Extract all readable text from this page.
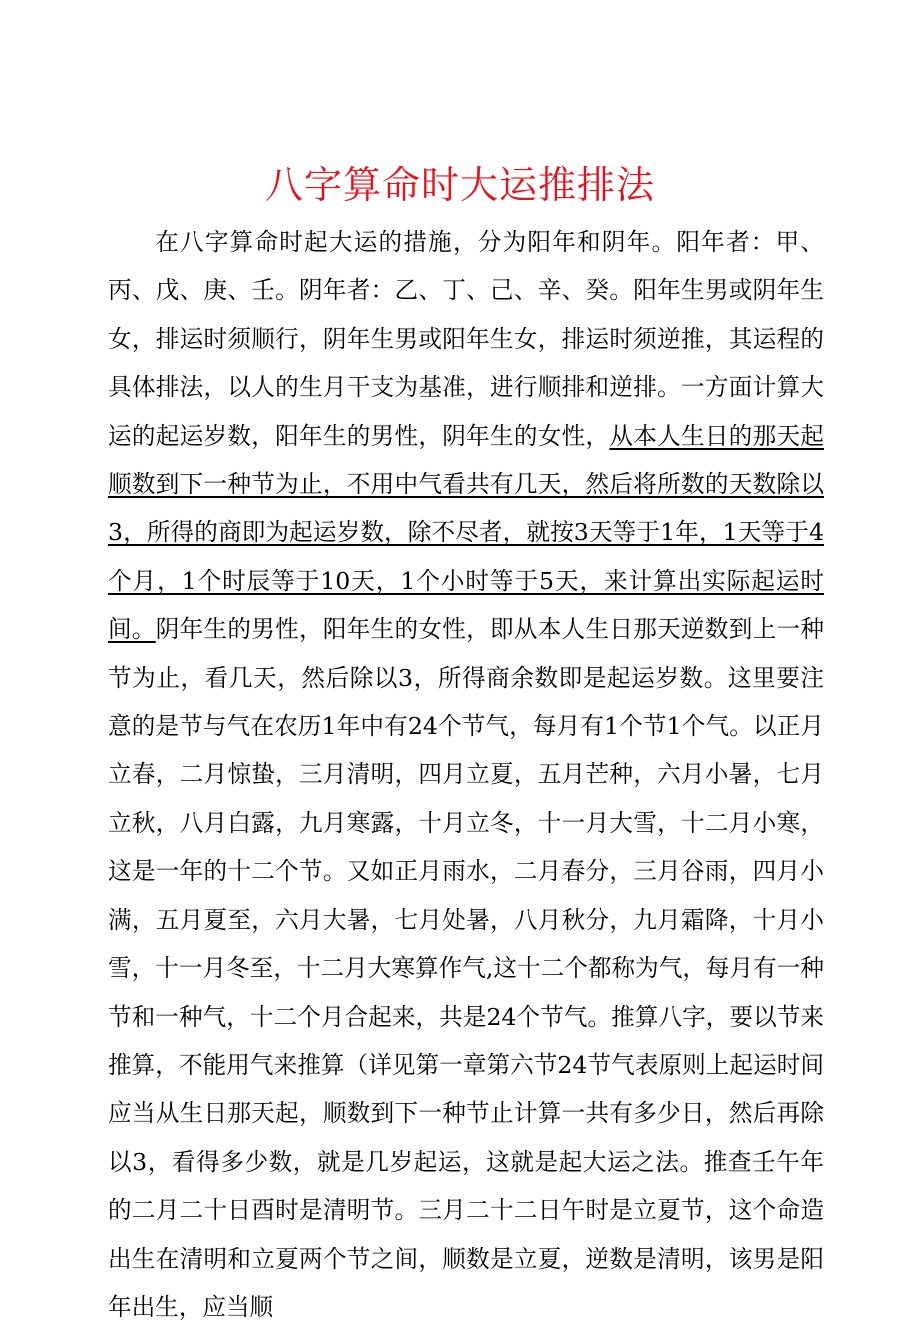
八字算命时大运推排法

在八字算命时起大运的措施，分为阳年和阴年。阳年者：甲、丙、戊、庚、壬。阴年者：乙、丁、己、辛、癸。阳年生男或阴年生女，排运时须顺行，阴年生男或阳年生女，排运时须逆推，其运程的具体排法，以人的生月干支为基准，进行顺排和逆排。一方面计算大运的起运岁数，阳年生的男性，阴年生的女性，从本人生日的那天起顺数到下一种节为止，不用中气看共有几天，然后将所数的天数除以3，所得的商即为起运岁数，除不尽者，就按3天等于1年，1天等于4个月，1个时辰等于10天，1个小时等于5天，来计算出实际起运时间。阴年生的男性，阳年生的女性，即从本人生日那天逆数到上一种节为止，看几天，然后除以3，所得商余数即是起运岁数。这里要注意的是节与气在农历1年中有24个节气，每月有1个节1个气。以正月立春，二月惊蛰，三月清明，四月立夏，五月芒种，六月小暑，七月立秋，八月白露，九月寒露，十月立冬，十一月大雪，十二月小寒，这是一年的十二个节。又如正月雨水，二月春分，三月谷雨，四月小满，五月夏至，六月大暑，七月处暑，八月秋分，九月霜降，十月小雪，十一月冬至，十二月大寒算作气,这十二个都称为气，每月有一种节和一种气，十二个月合起来，共是24个节气。推算八字，要以节来推算，不能用气来推算（详见第一章第六节24节气表原则上起运时间应当从生日那天起，顺数到下一种节止计算一共有多少日，然后再除以3，看得多少数，就是几岁起运，这就是起大运之法。推查壬午年的二月二十日酉时是清明节。三月二十二日午时是立夏节，这个命造出生在清明和立夏两个节之间，顺数是立夏，逆数是清明，该男是阳年出生，应当顺
